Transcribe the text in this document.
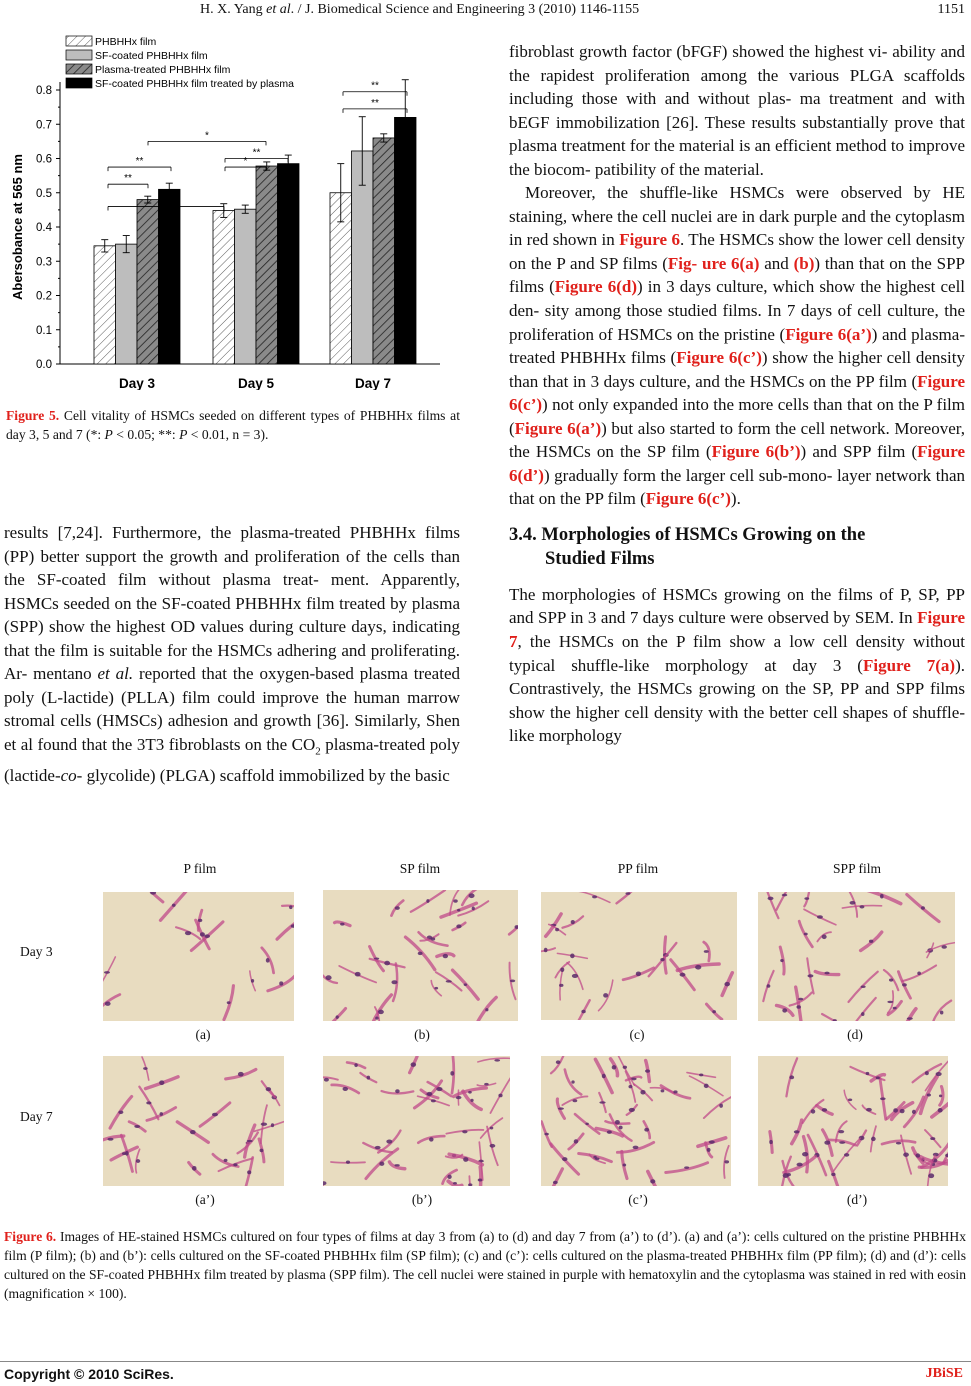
H. X. Yang et al. / J. Biomedical Science and Engineering 3 (2010) 1146-1155	1151
0.0
0.1
0.2
0.3
0.4
0.5
0.6
0.7
0.8
Abersobance at 565 nm
Day 3	Day 5	Day 7
**
**
**
*
*
**
**
**
PHBHHx film
SF-coated PHBHHx film
Plasma-treated PHBHHx film
SF-coated PHBHHx film treated by plasma
Figure 5. Cell vitality of HSMCs seeded on different types of PHBHHx films at day 3, 5 and 7 (*: P < 0.05; **: P < 0.01, n = 3).

results [7,24]. Furthermore, the plasma-treated PHBHHx films (PP) better support the growth and proliferation of the cells than the SF-coated film without plasma treat- ment. Apparently, HSMCs seeded on the SF-coated PHBHHx film treated by plasma (SPP) show the highest OD values during culture days, indicating that the film is suitable for the HSMCs adhering and proliferating. Ar- mentano et al. reported that the oxygen-based plasma treated poly (L-lactide) (PLLA) film could improve the human marrow stromal cells (HMSCs) adhesion and growth [36]. Similarly, Shen et al found that the 3T3 fibroblasts on the $CO_2$ plasma-treated poly (lactide-co- glycolide) (PLGA) scaffold immobilized by the basic

fibroblast growth factor (bFGF) showed the highest vi- ability and the rapidest proliferation among the various PLGA scaffolds including those with and without plas- ma treatment and with bEGF immobilization [26]. These results substantially prove that plasma treatment for the material is an efficient method to improve the biocom- patibility of the material.

Moreover, the shuffle-like HSMCs were observed by HE staining, where the cell nuclei are in dark purple and the cytoplasm in red shown in Figure 6. The HSMCs show the lower cell density on the P and SP films (Fig- ure 6(a) and (b)) than that on the SPP films (Figure 6(d)) in 3 days culture, which show the highest cell den- sity among those studied films. In 7 days of cell culture, the proliferation of HSMCs on the pristine (Figure 6(a’)) and plasma-treated PHBHHx films (Figure 6(c’)) show the higher cell density than that in 3 days culture, and the HSMCs on the PP film (Figure 6(c’)) not only expanded into the more cells than that on the P film (Figure 6(a’)) but also started to form the cell network. Moreover, the HSMCs on the SP film (Figure 6(b’)) and SPP film (Figure 6(d’)) gradually form the larger cell sub-mono- layer network than that on the PP film (Figure 6(c’)).

3.4. Morphologies of HSMCs Growing on the
Studied Films

The morphologies of HSMCs growing on the films of P, SP, PP and SPP in 3 and 7 days culture were observed by SEM. In Figure 7, the HSMCs on the P film show a low cell density without typical shuffle-like morphology at day 3 (Figure 7(a)). Contrastively, the HSMCs growing on the SP, PP and SPP films show the higher cell density with the better cell shapes of shuffle-like morphology

P film	SP film	PP film	SPP film
Day 3
Day 7
(a)	(b)	(c)	(d)
(a’)	(b’)	(c’)	(d’)
Figure 6. Images of HE-stained HSMCs cultured on four types of films at day 3 from (a) to (d) and day 7 from (a’) to (d’). (a) and (a’): cells cultured on the pristine PHBHHx film (P film); (b) and (b’): cells cultured on the SF-coated PHBHHx film (SP film); (c) and (c’): cells cultured on the plasma-treated PHBHHx film (PP film); (d) and (d’): cells cultured on the SF-coated PHBHHx film treated by plasma (SPP film). The cell nuclei were stained in purple with hematoxylin and the cytoplasma was stained in red with eosin (magnification × 100).
Copyright © 2010 SciRes.	JBiSE
